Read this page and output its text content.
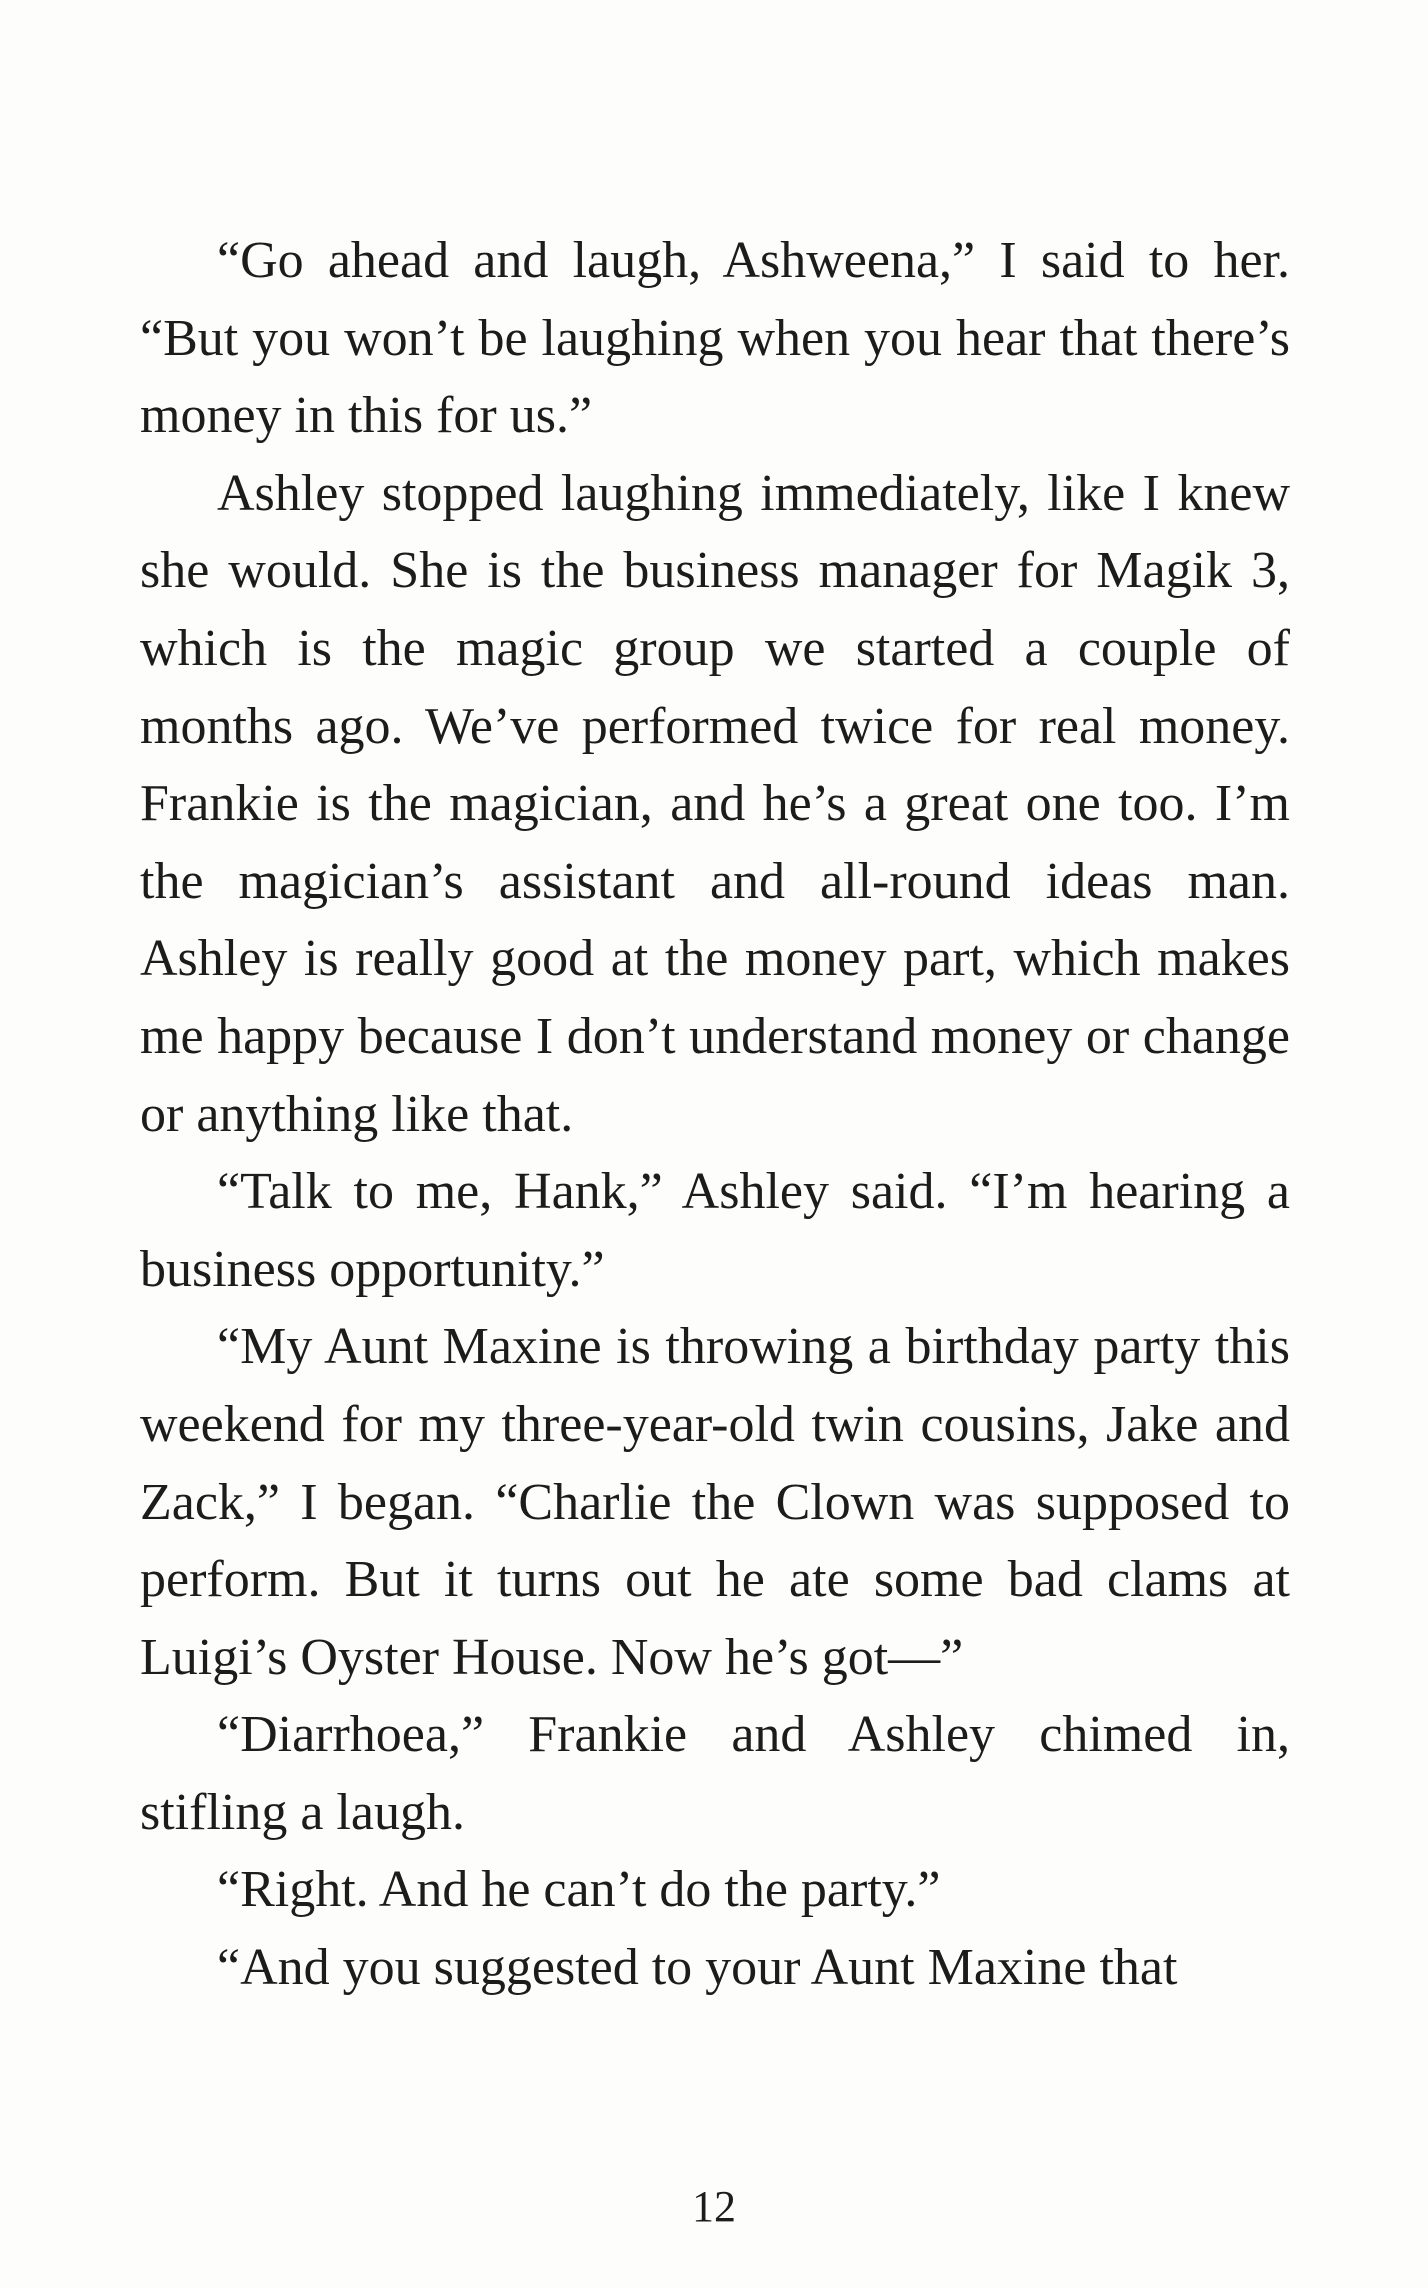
“Go ahead and laugh, Ashweena,” I said to her. “But you won’t be laughing when you hear that there’s money in this for us.”

Ashley stopped laughing immediately, like I knew she would. She is the business manager for Magik 3, which is the magic group we started a couple of months ago. We’ve performed twice for real money. Frankie is the magician, and he’s a great one too. I’m the magician’s assistant and all-round ideas man. Ashley is really good at the money part, which makes me happy because I don’t understand money or change or anything like that.

“Talk to me, Hank,” Ashley said. “I’m hearing a business opportunity.”

“My Aunt Maxine is throwing a birthday party this weekend for my three-year-old twin cousins, Jake and Zack,” I began. “Charlie the Clown was supposed to perform. But it turns out he ate some bad clams at Luigi’s Oyster House. Now he’s got—”

“Diarrhoea,” Frankie and Ashley chimed in, stifling a laugh.

“Right. And he can’t do the party.”

“And you suggested to your Aunt Maxine that

12
